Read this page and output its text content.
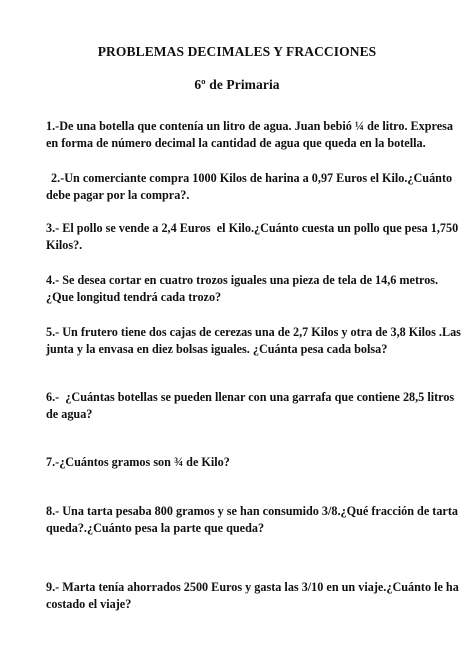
PROBLEMAS DECIMALES Y FRACCIONES
6º de Primaria

1.-De una botella que contenía un litro de agua. Juan bebió ¼ de litro. Expresa
en forma de número decimal la cantidad de agua que queda en la botella.

2.-Un comerciante compra 1000 Kilos de harina a 0,97 Euros el Kilo.¿Cuánto
debe pagar por la compra?.

3.- El pollo se vende a 2,4 Euros  el Kilo.¿Cuánto cuesta un pollo que pesa 1,750
Kilos?.

4.- Se desea cortar en cuatro trozos iguales una pieza de tela de 14,6 metros.
¿Que longitud tendrá cada trozo?

5.- Un frutero tiene dos cajas de cerezas una de 2,7 Kilos y otra de 3,8 Kilos .Las
junta y la envasa en diez bolsas iguales. ¿Cuánta pesa cada bolsa?

6.-  ¿Cuántas botellas se pueden llenar con una garrafa que contiene 28,5 litros
de agua?

7.-¿Cuántos gramos son ¾ de Kilo?

8.- Una tarta pesaba 800 gramos y se han consumido 3/8.¿Qué fracción de tarta
queda?.¿Cuánto pesa la parte que queda?

9.- Marta tenía ahorrados 2500 Euros y gasta las 3/10 en un viaje.¿Cuánto le ha
costado el viaje?
